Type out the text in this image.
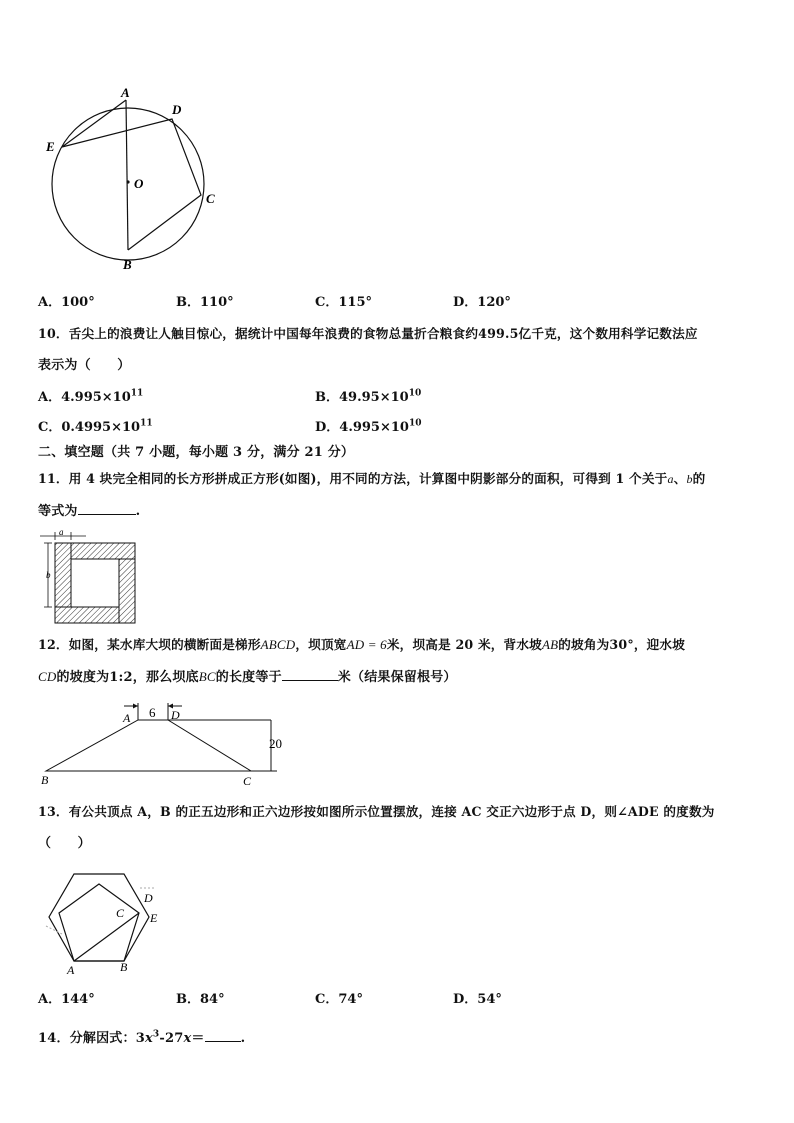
A
D
E
O
C
B
A．100°	B．110°	C．115°	D．120°
10．舌尖上的浪费让人触目惊心，据统计中国每年浪费的食物总量折合粮食约499.5亿千克，这个数用科学记数法应
表示为（　　）
A．$4.995\times 10^{11}$	B．$49.95\times 10^{10}$
C．$0.4995\times 10^{11}$	D．$4.995\times 10^{10}$
二、填空题（共 7 小题，每小题 3 分，满分 21 分）
11．用 4 块完全相同的长方形拼成正方形(如图)，用不同的方法，计算图中阴影部分的面积，可得到 1 个关于a、b的
等式为	.
a
b
12．如图，某水库大坝的横断面是梯形ABCD，坝顶宽AD = 6米，坝高是 20 米，背水坡AB的坡角为30°，迎水坡
CD的坡度为1:2，那么坝底BC的长度等于	米（结果保留根号）
6
A	D
20
B	C
13．有公共顶点 A，B 的正五边形和正六边形按如图所示位置摆放，连接 AC 交正六边形于点 D，则∠ADE 的度数为
（　　）
C
D
E
A	B
A．144°	B．84°	C．74°	D．54°
14．分解因式：$3x^3-27x=$	.
